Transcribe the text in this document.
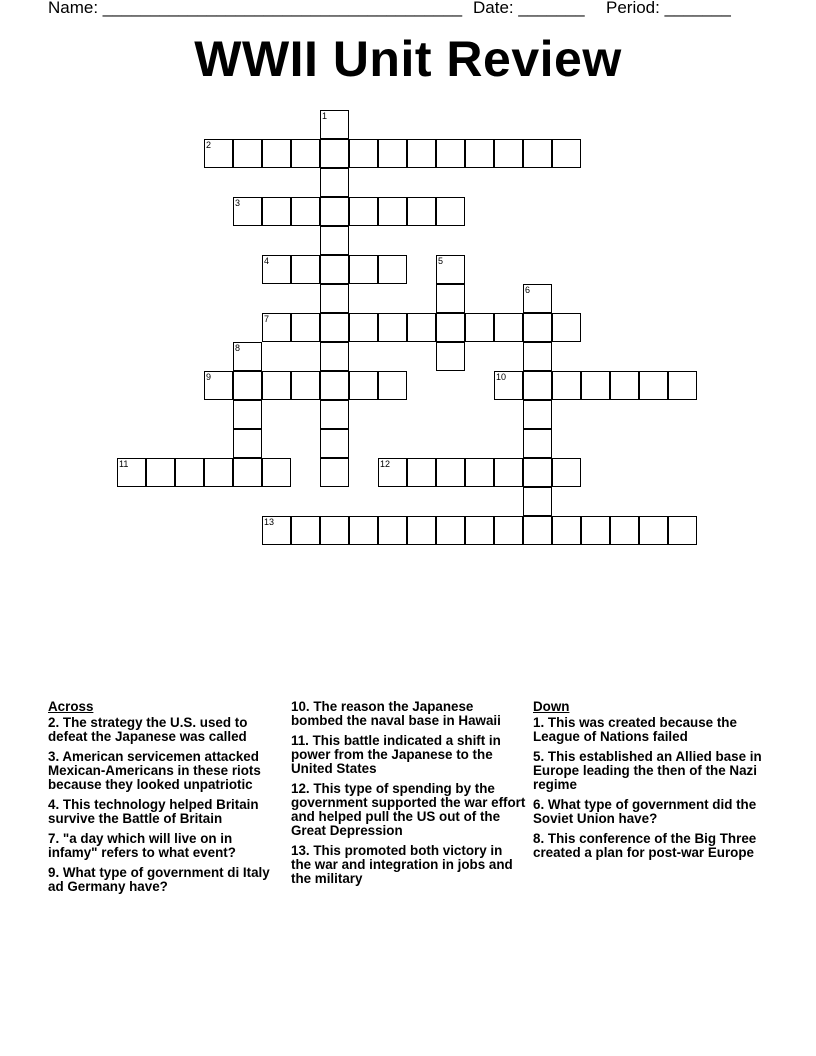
Name: ______________________________________ Date: _______ Period: _______
WWII Unit Review
1
2
3
4	5
6
7
8
9	10
11	12
13
Across
2. The strategy the U.S. used to defeat the Japanese was called
3. American servicemen attacked Mexican-Americans in these riots because they looked unpatriotic
4. This technology helped Britain survive the Battle of Britain
7. "a day which will live on in infamy" refers to what event?
9. What type of government di Italy ad Germany have?
10. The reason the Japanese bombed the naval base in Hawaii
11. This battle indicated a shift in power from the Japanese to the United States
12. This type of spending by the government supported the war effort and helped pull the US out of the Great Depression
13. This promoted both victory in the war and integration in jobs and the military
Down
1. This was created because the League of Nations failed
5. This established an Allied base in Europe leading the then of the Nazi regime
6. What type of government did the Soviet Union have?
8. This conference of the Big Three created a plan for post-war Europe
